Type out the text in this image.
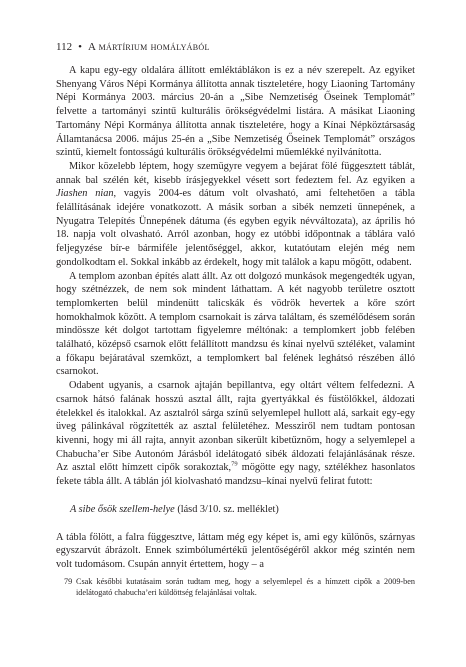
112 • A mártírium homályából

A kapu egy-egy oldalára állított emléktáblákon is ez a név szerepelt. Az egyiket Shenyang Város Népi Kormánya állította annak tiszteletére, hogy Liaoning Tartomány Népi Kormánya 2003. március 20-án a „Sibe Nemzetiség Őseinek Templomát” felvette a tartományi szintű kulturális örökségvédelmi listára. A másikat Liaoning Tartomány Népi Kormánya állította annak tiszteletére, hogy a Kínai Népköztársaság Államtanácsa 2006. május 25-én a „Sibe Nemzetiség Őseinek Templomát” országos szintű, kiemelt fontosságú kulturális örökségvédelmi műemlékké nyilvánította.

Mikor közelebb léptem, hogy szemügyre vegyem a bejárat fölé függesztett táblát, annak bal szélén két, kisebb írásjegyekkel vésett sort fedeztem fel. Az egyiken a Jiashen nian, vagyis 2004-es dátum volt olvasható, ami feltehetően a tábla felállításának idejére vonatkozott. A másik sorban a sibék nemzeti ünnepének, a Nyugatra Telepítés Ünnepének dátuma (és egyben egyik névváltozata), az április hó 18. napja volt olvasható. Arról azonban, hogy ez utóbbi időpontnak a táblára való feljegyzése bír-e bármiféle jelentőséggel, akkor, kutatóutam elején még nem gondolkodtam el. Sokkal inkább az érdekelt, hogy mit találok a kapu mögött, odabent.

A templom azonban építés alatt állt. Az ott dolgozó munkások megengedték ugyan, hogy szétnézzek, de nem sok mindent láthattam. A két nagyobb területre osztott templomkerten belül mindenütt talicskák és vödrök hevertek a kőre szórt homokhalmok között. A templom csarnokait is zárva találtam, és személődésem során mindössze két dolgot tartottam figyelemre méltónak: a templomkert jobb felében található, középső csarnok előtt felállított mandzsu és kínai nyelvű sztéléket, valamint a főkapu bejáratával szemközt, a templomkert bal felének leghátsó részében álló csarnokot.

Odabent ugyanis, a csarnok ajtaján bepillantva, egy oltárt véltem felfedezni. A csarnok hátsó falának hosszú asztal állt, rajta gyertyákkal és füstölőkkel, áldozati ételekkel és italokkal. Az asztalról sárga színű selyemlepel hullott alá, sarkait egy-egy üveg pálinkával rögzítették az asztal felületéhez. Messziről nem tudtam pontosan kivenni, hogy mi áll rajta, annyit azonban sikerült kibetűznöm, hogy a selyemlepel a Chabucha’er Sibe Autonóm Járásból idelátogató sibék áldozati felajánlásának része. Az asztal előtt hímzett cipők sorakoztak,$^{79}$ mögötte egy nagy, sztélékhez hasonlatos fekete tábla állt. A táblán jól kiolvasható mandzsu–kínai nyelvű felirat futott:

A sibe ősök szellem-helye (lásd 3/10. sz. melléklet)

A tábla fölött, a falra függesztve, láttam még egy képet is, ami egy különös, szárnyas egyszarvút ábrázolt. Ennek szimbólumértékű jelentőségéről akkor még szintén nem volt tudomásom. Csupán annyit értettem, hogy – a

79 Csak későbbi kutatásaim során tudtam meg, hogy a selyemlepel és a hímzett cipők a 2009-ben idelátogató chabucha’eri küldöttség felajánlásai voltak.
